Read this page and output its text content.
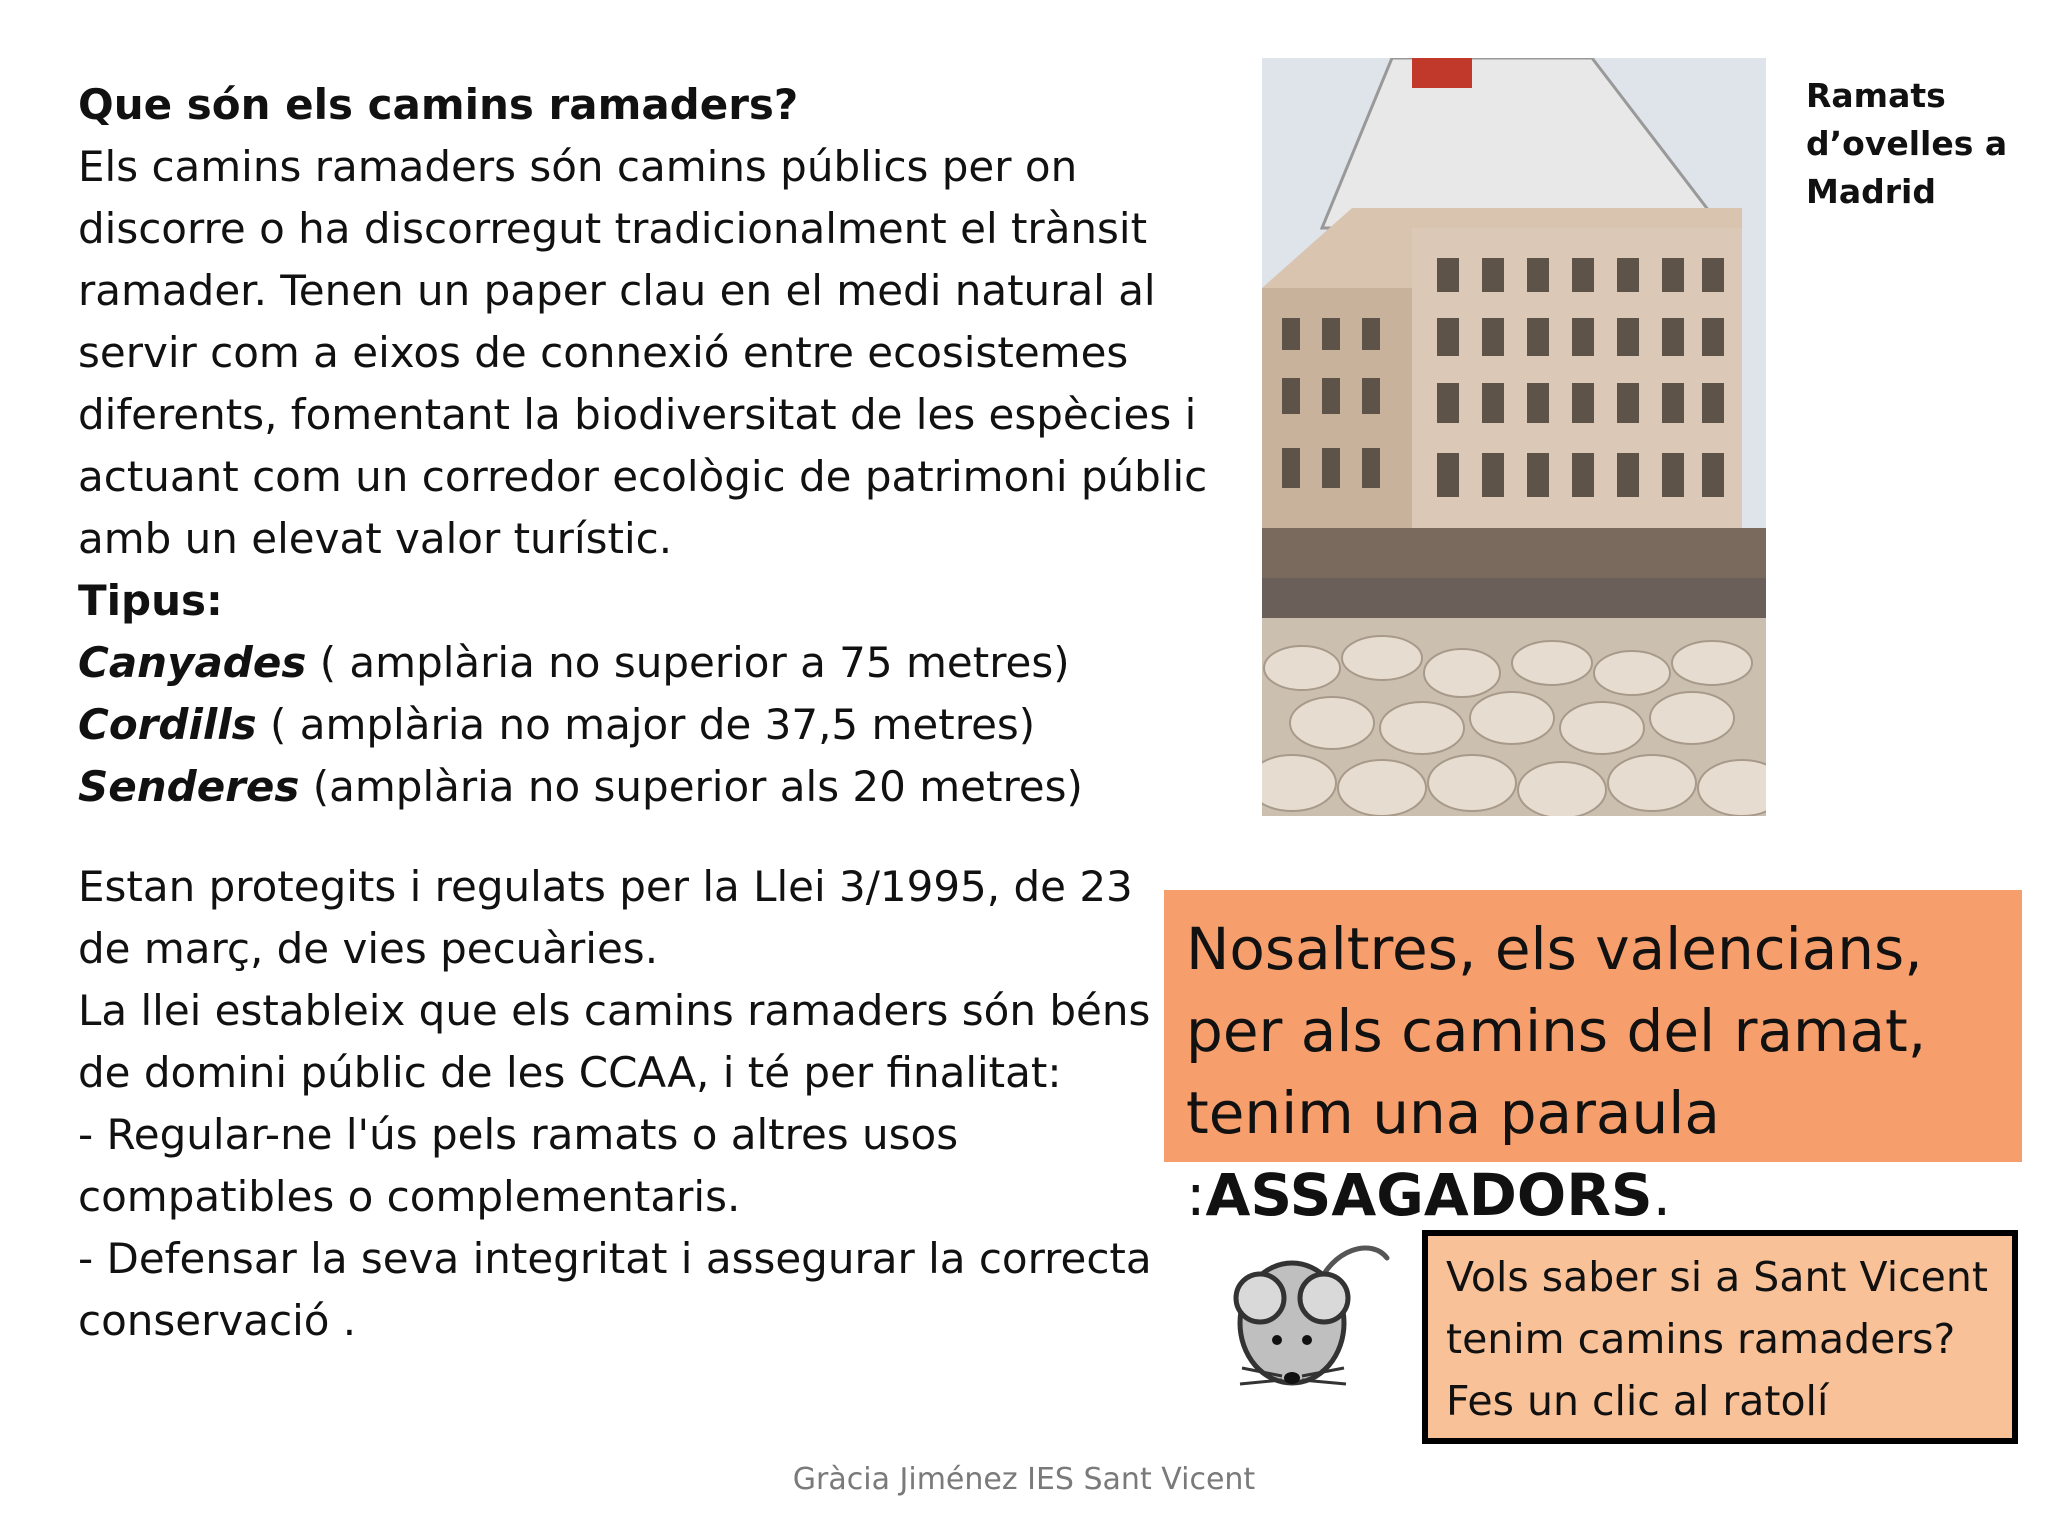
Que són els camins ramaders?

Els camins ramaders són camins públics per on discorre o ha discorregut tradicionalment el trànsit ramader. Tenen un paper clau en el medi natural al servir com a eixos de connexió entre ecosistemes diferents, fomentant la biodiversitat de les espècies i actuant com un corredor ecològic de patrimoni públic amb un elevat valor turístic.

Tipus:

Canyades ( amplària no superior a 75 metres)

Cordills ( amplària no major de 37,5 metres)

Senderes (amplària no superior als 20 metres)

Estan protegits i regulats per la Llei 3/1995, de 23 de març, de vies pecuàries.

La llei estableix que els camins ramaders són béns de domini públic de les CCAA, i té per finalitat:

- Regular-ne l'ús pels ramats o altres usos compatibles o complementaris.

- Defensar la seva integritat i assegurar la correcta conservació .

Ramats d’ovelles a Madrid
Nosaltres, els valencians, per als camins del ramat, tenim una paraula :ASSAGADORS.
Vols saber si a Sant Vicent tenim camins ramaders? Fes un clic al ratolí
Gràcia Jiménez IES Sant Vicent
